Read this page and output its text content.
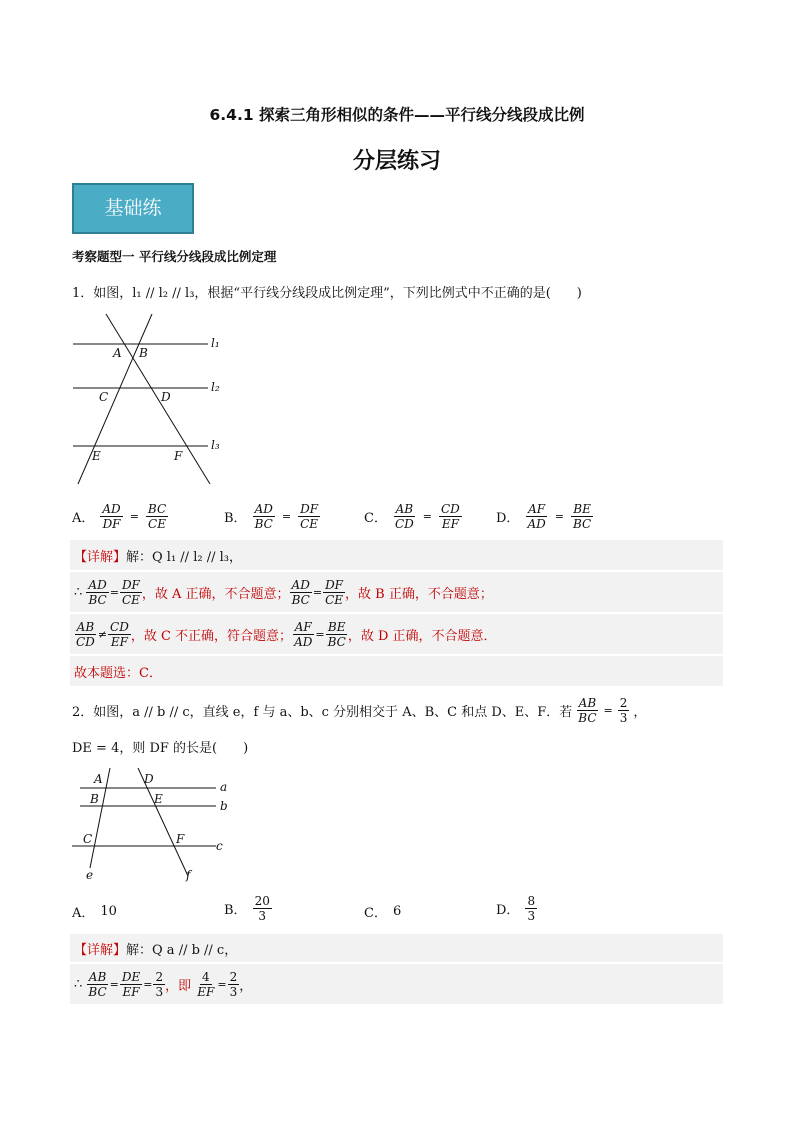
6.4.1 探索三角形相似的条件——平行线分线段成比例
分层练习
基础练
考察题型一 平行线分线段成比例定理
1．如图，l₁ // l₂ // l₃，根据“平行线分线段成比例定理”，下列比例式中不正确的是(　　)
A B
C	D
E	F
l₁
l₂
l₃
A． $\frac{AD}{DF} = \frac{BC}{CE}$	B． $\frac{AD}{BC} = \frac{DF}{CE}$	C． $\frac{AB}{CD} = \frac{CD}{EF}$	D． $\frac{AF}{AD} = \frac{BE}{BC}$
【详解】 解：Q l₁ // l₂ // l₃，
∴
$\frac{AD}{BC} = \frac{DF}{CE}$ ，故 A 正确，不合题意； $\frac{AD}{BC} = \frac{DF}{CE}$ ，故 B 正确，不合题意；
$\frac{AB}{CD} \ne \frac{CD}{EF}$ ，故 C 不正确，符合题意； $\frac{AF}{AD} = \frac{BE}{BC}$ ，故 D 正确，不合题意．
故本题选：C．
2．如图，a // b // c，直线 e，f 与 a、b、c 分别相交于 A、B、C 和点 D、E、F．若 $\frac{AB}{BC} = \frac{2}{3}$ ，
DE = 4，则 DF 的长是(　　)
A
B
C
D
E
F
a
b
c
e	f
A． 10	B． $\frac{20}{3}$	C． 6	D． $\frac{8}{3}$
【详解】 解：Q a // b // c，
∴
$\frac{AB}{BC} = \frac{DE}{EF} = \frac{2}{3}$ ，即
$\frac{4}{EF} = \frac{2}{3}$ ，
